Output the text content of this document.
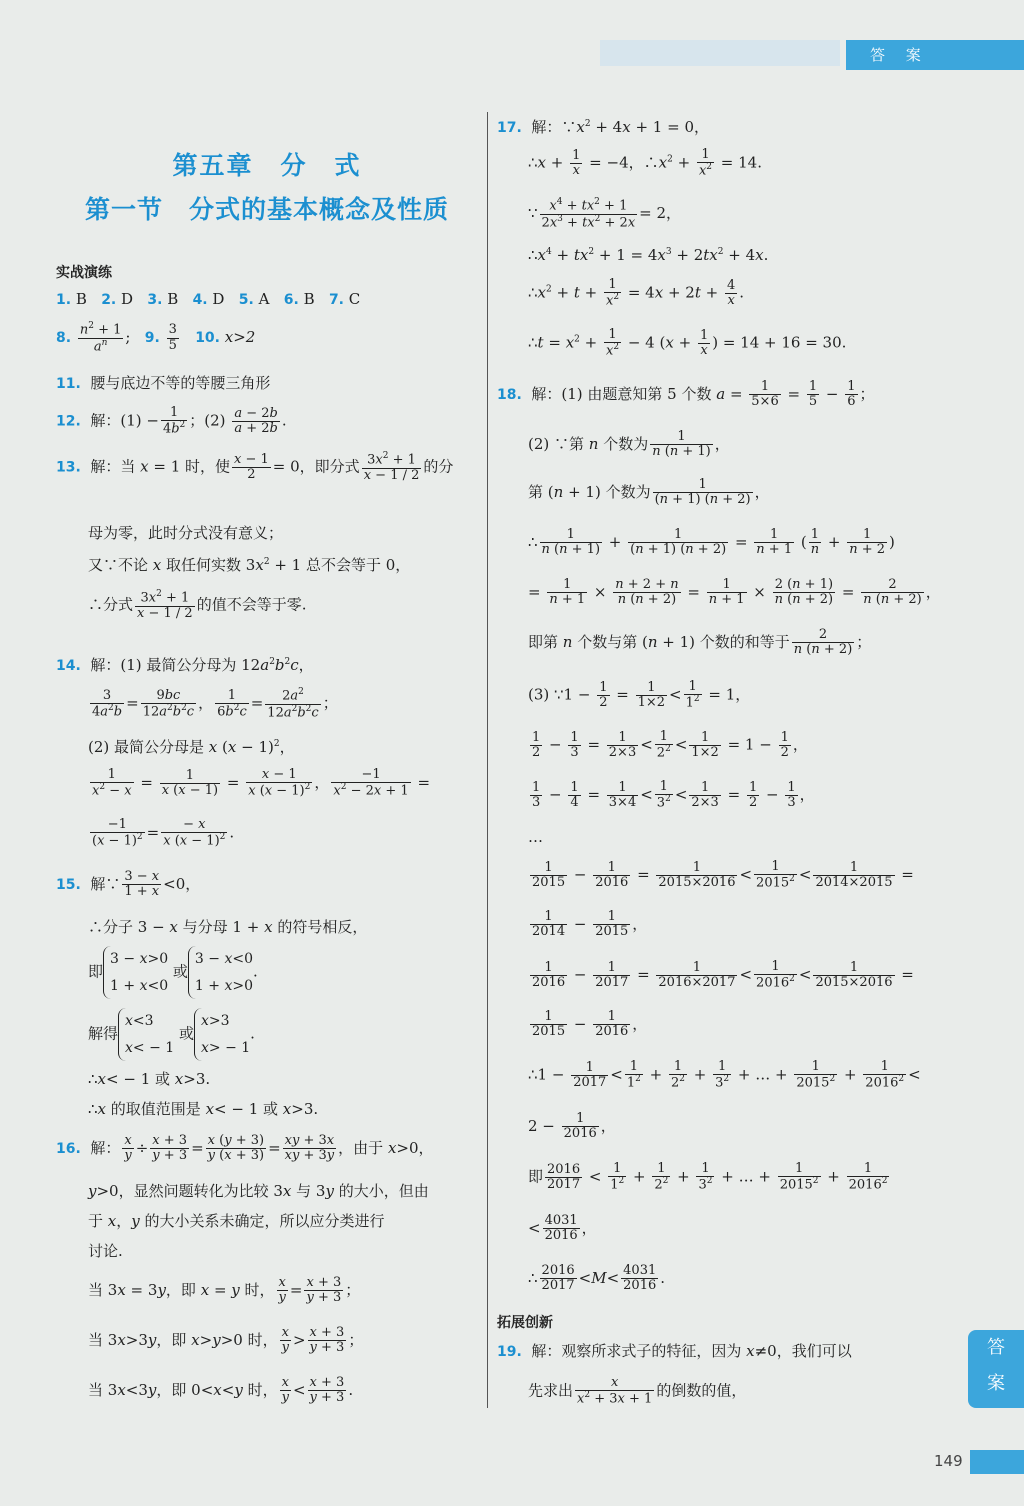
答 案
第五章　分　式
第一节　分式的基本概念及性质
实战演练
1. B 2. D 3. B 4. D 5. A 6. B 7. C
8. $\frac{n^2 + 1}{a^n}$ ;   9. $\frac{3}{5} 10$. x>2
11. 腰与底边不等的等腰三角形
12.  解：$(1) - \frac{1}{4b^2}$ ；$(2) \frac{a - 2b}{a + 2b}$ .
13.  解：当 x = 1 时，使 $\frac{x - 1}{2} = 0$，即分式 $\frac{3x^2 + 1}{x - 1 / 2}$ 的分
母为零，此时分式没有意义；
又∵不论 x 取任何实数 $3x^2 + 1$ 总不会等于 0，
∴分式 $\frac{3x^2 + 1}{x - 1 / 2}$ 的值不会等于零.
14.  解：(1) 最简公分母为 $12a^2b^2c$，
$\frac{3}{4a^2b} = \frac{9bc}{12a^2b^2c}$ ， $\frac{1}{6b^2c} = \frac{2a^2}{12a^2b^2c}$ ；
(2) 最简公分母是 x $(x - 1)^2$，
$\frac{1}{x^2 - x} = \frac{1}{x (x - 1)} = \frac{x - 1}{x (x - 1)^2}$ ， $\frac{-1}{x^2 - 2x + 1}$ =
$\frac{-1}{(x - 1)^2} = \frac{- x}{x (x - 1)^2}$ .
15.  解∵ $\frac{3 - x}{1 + x} <0$，
∴分子 3 − x 与分母 1 + x 的符号相反，
即3 − x>0
1 + x<0 或3 − x<0
1 + x>0.
解得x<3
x< − 1 或x>3
x> − 1.
∴x< − 1 或 x>3.
∴x 的取值范围是 x< − 1 或 x>3.
16.  解： $\frac{x}{y} \div \frac{x + 3}{y + 3} = \frac{x (y + 3)}{y (x + 3)} = \frac{xy + 3x}{xy + 3y}$ ，由于 x>0，
y>0，显然问题转化为比较 3x 与 3y 的大小，但由
于 x，y 的大小关系未确定，所以应分类进行
讨论.
当 3x = 3y，即 x = y 时， $\frac{x}{y} = \frac{x + 3}{y + 3}$ ；
当 3x>3y，即 x>y>0 时， $\frac{x}{y} > \frac{x + 3}{y + 3}$ ；
当 3x<3y，即 0<x<y 时， $\frac{x}{y} < \frac{x + 3}{y + 3}$ .
17.  解：$\because x^2 + 4x + 1 = 0$，
∴x + $\frac{1}{x} = -4$，$\therefore x^2 + \frac{1}{x^2} = 14$.
∵ $\frac{x^4 + tx^2 + 1}{2x^3 + tx^2 + 2x} = 2$，
$\therefore x^4 + tx^2 + 1 = 4x^3 + 2tx^2 + 4x$.
$\therefore x^2 + t + \frac{1}{x^2} = 4x + 2t + \frac{4}{x}$ .
∴t = $x^2 + \frac{1}{x^2} - 4$ ($x + \frac{1}{x}$ ) = 14 + 16 = 30.
18.  解：(1) 由题意知第 5 个数 $a = \frac{1}{5\times 6} = \frac{1}{5} - \frac{1}{6}$ ；
(2) ∵第 n 个数为 $\frac{1}{n (n + 1)}$ ，
第 (n + 1) 个数为 $\frac{1}{(n + 1) (n + 2)}$ ，
∴ $\frac{1}{n (n + 1)} + \frac{1}{(n + 1) (n + 2)} = \frac{1}{n + 1}$ ( $\frac{1}{n} + \frac{1}{n + 2}$ )
= $\frac{1}{n + 1} \times \frac{n + 2 + n}{n (n + 2)} = \frac{1}{n + 1} \times \frac{2 (n + 1)}{n (n + 2)} = \frac{2}{n (n + 2)}$ ，
即第 n 个数与第 (n + 1) 个数的和等于 $\frac{2}{n (n + 2)}$ ；
(3) ∵1 − $\frac{1}{2} = \frac{1}{1\times 2} < \frac{1}{1^2} = 1$，
$\frac{1}{2} - \frac{1}{3} = \frac{1}{2\times 3} < \frac{1}{2^2} < \frac{1}{1\times 2} = 1 - \frac{1}{2}$ ，
$\frac{1}{3} - \frac{1}{4} = \frac{1}{3\times 4} < \frac{1}{3^2} < \frac{1}{2\times 3} = \frac{1}{2} - \frac{1}{3}$ ，
…
$\frac{1}{2015} - \frac{1}{2016} = \frac{1}{2015\times 2016} < \frac{1}{2015^2} < \frac{1}{2014\times 2015}$ =
$\frac{1}{2014} - \frac{1}{2015}$ ，
$\frac{1}{2016} - \frac{1}{2017} = \frac{1}{2016\times 2017} < \frac{1}{2016^2} < \frac{1}{2015\times 2016}$ =
$\frac{1}{2015} - \frac{1}{2016}$ ，
∴1 − $\frac{1}{2017} < \frac{1}{1^2} + \frac{1}{2^2} + \frac{1}{3^2}$ + … + $\frac{1}{2015^2} + \frac{1}{2016^2}$ <
$2 - \frac{1}{2016}$ ，
即 $\frac{2016}{2017} < \frac{1}{1^2} + \frac{1}{2^2} + \frac{1}{3^2}$ + … + $\frac{1}{2015^2} + \frac{1}{2016^2}$
< $\frac{4031}{2016}$ ，
∴ $\frac{2016}{2017} <M< \frac{4031}{2016}$ .
拓展创新
19.  解：观察所求式子的特征，因为 x≠0，我们可以
先求出 $\frac{x}{x^2 + 3x + 1}$ 的倒数的值，
答
案
149
